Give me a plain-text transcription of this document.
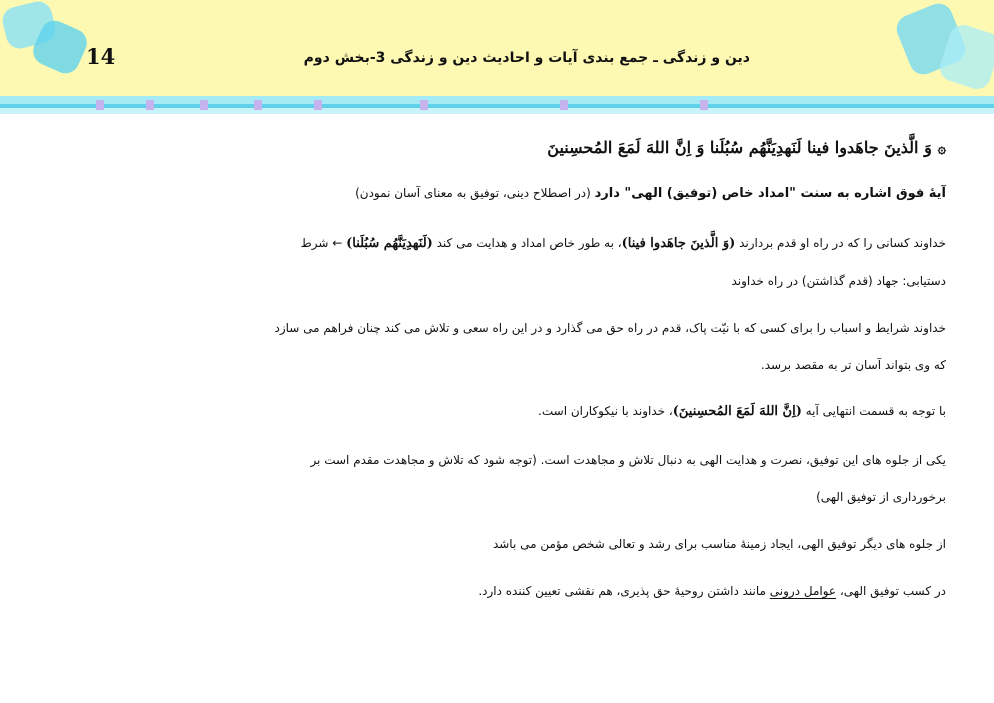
14	دین و زندگی ـ جمع بندی آیات و احادیث دین و زندگی 3-بخش دوم
۞وَ الَّذینَ جاهَدوا فینا لَنَهدِیَنَّهُم سُبُلَنا وَ اِنَّ اللهَ لَمَعَ المُحسِنینَ
آیۀ فوق اشاره به سنت "امداد خاص (توفیق) الهی" دارد (در اصطلاح دینی، توفیق به معنای آسان نمودن)
خداوند کسانی را که در راه او قدم بردارند (وَ الَّذینَ جاهَدوا فینا)، به طور خاص امداد و هدایت می کند (لَنَهدِیَنَّهُم سُبُلَنا) ← شرط
دستیابی: جهاد (قدم گذاشتن) در راه خداوند
خداوند شرایط و اسباب را برای کسی که با نیّت پاک، قدم در راه حق می گذارد و در این راه سعی و تلاش می کند چنان فراهم می سازد
که وی بتواند آسان تر به مقصد برسد.
با توجه به قسمت انتهایی آیه (اِنَّ اللهَ لَمَعَ المُحسِنینَ)، خداوند با نیکوکاران است.
یکی از جلوه های این توفیق، نصرت و هدایت الهی به دنبال تلاش و مجاهدت است. (توجه شود که تلاش و مجاهدت مقدم است بر
برخورداری از توفیق الهی)
از جلوه های دیگر توفیق الهی، ایجاد زمینۀ مناسب برای رشد و تعالی شخص مؤمن می باشد
در کسب توفیق الهی، عوامل درونی مانند داشتن روحیۀ حق پذیری، هم نقشی تعیین کننده دارد.
